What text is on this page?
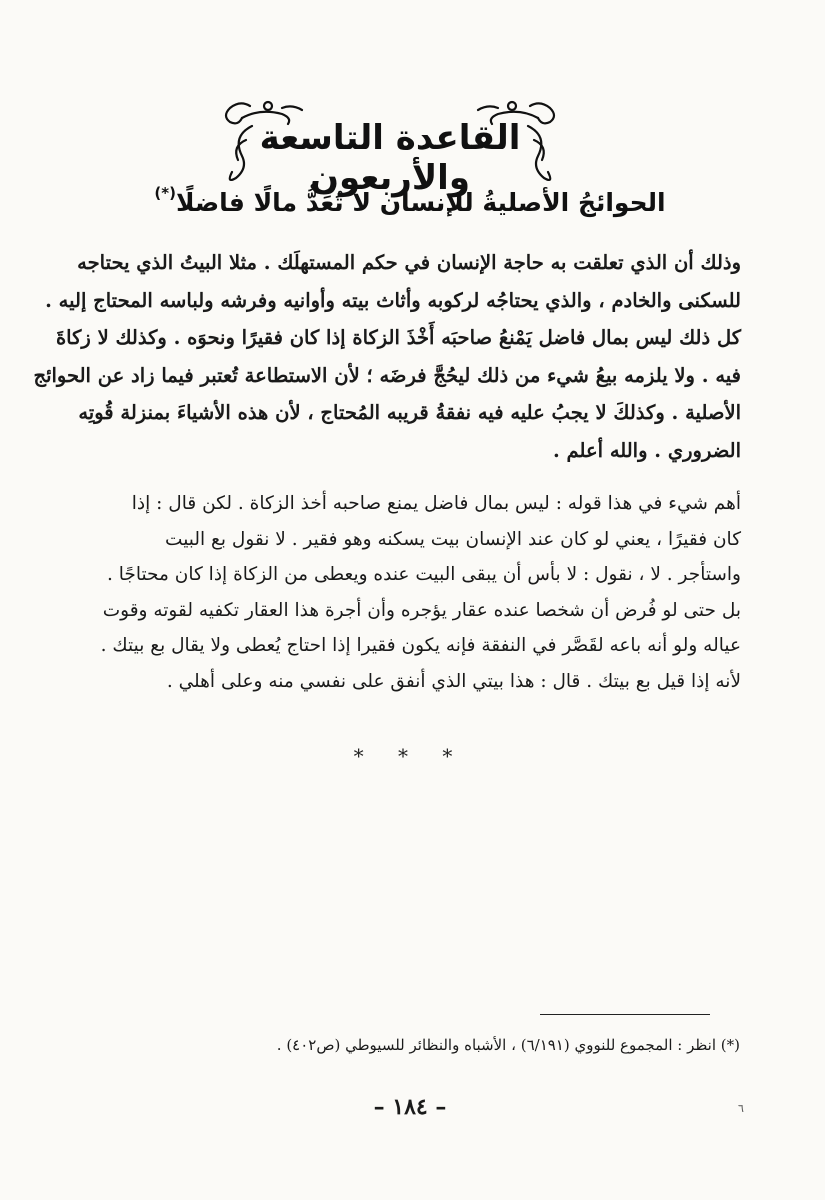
القاعدة التاسعة والأربعون
الحوائجُ الأصليةُ للإنسان لا تُعَدُّ مالًا فاضلًا(*)
وذلك أن الذي تعلقت به حاجة الإنسان في حكم المستهلَك . مثلا البيتُ الذي يحتاجه
للسكنى والخادم ، والذي يحتاجُه لركوبه وأثاث بيته وأوانيه وفرشه ولباسه المحتاج إليه .
كل ذلك ليس بمال فاضل يَمْنعُ صاحبَه أَخْذَ الزكاة إذا كان فقيرًا ونحوَه . وكذلك لا زكاةَ
فيه . ولا يلزمه بيعُ شيء من ذلك ليحُجَّ فرضَه ؛ لأن الاستطاعة تُعتبر فيما زاد عن الحوائج
الأصلية . وكذلكَ لا يجبُ عليه فيه نفقةُ قريبه المُحتاج ، لأن هذه الأشياءَ بمنزلة قُوتِه
الضروري . والله أعلم .
أهم شيء في هذا قوله : ليس بمال فاضل يمنع صاحبه أخذ الزكاة . لكن قال : إذا
كان فقيرًا ، يعني لو كان عند الإنسان بيت يسكنه وهو فقير . لا نقول بع البيت
واستأجر . لا ، نقول : لا بأس أن يبقى البيت عنده ويعطى من الزكاة إذا كان محتاجًا .
بل حتى لو فُرض أن شخصا عنده عقار يؤجره وأن أجرة هذا العقار تكفيه لقوته وقوت
عياله ولو أنه باعه لقَصَّر في النفقة فإنه يكون فقيرا إذا احتاج يُعطى ولا يقال بع بيتك .
لأنه إذا قيل بع بيتك . قال : هذا بيتي الذي أنفق على نفسي منه وعلى أهلي .
* * *
(*) انظر : المجموع للنووي (٦/١٩١) ، الأشباه والنظائر للسيوطي (ص٤٠٢) .
– ١٨٤ –	٦
